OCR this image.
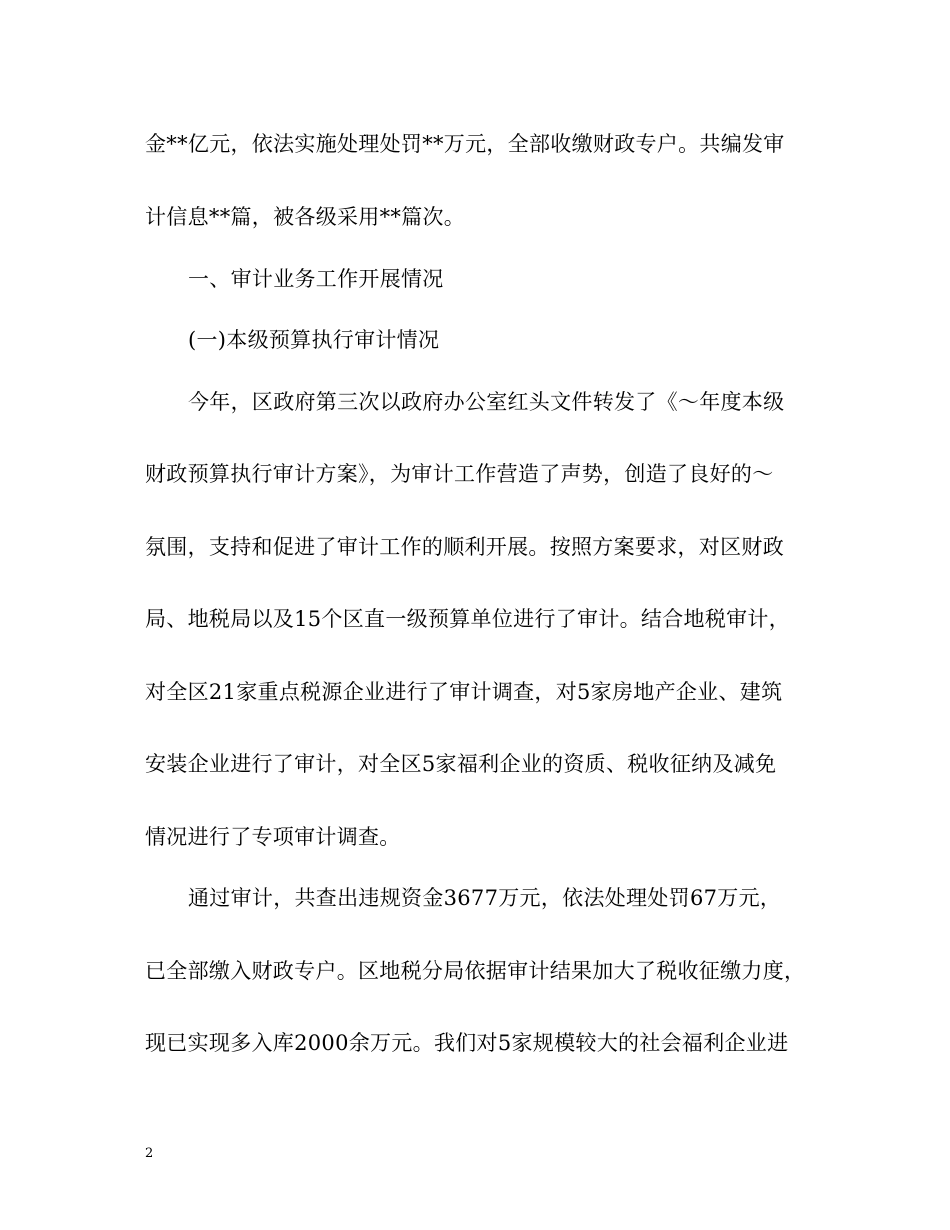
金**亿元，依法实施处理处罚**万元，全部收缴财政专户。共编发审
计信息**篇，被各级采用**篇次。
一、审计业务工作开展情况
(一)本级预算执行审计情况
今年，区政府第三次以政府办公室红头文件转发了《～年度本级
财政预算执行审计方案》，为审计工作营造了声势，创造了良好的～
氛围，支持和促进了审计工作的顺利开展。按照方案要求，对区财政
局、地税局以及15个区直一级预算单位进行了审计。结合地税审计，
对全区21家重点税源企业进行了审计调查，对5家房地产企业、建筑
安装企业进行了审计，对全区5家福利企业的资质、税收征纳及减免
情况进行了专项审计调查。
通过审计，共查出违规资金3677万元，依法处理处罚67万元，
已全部缴入财政专户。区地税分局依据审计结果加大了税收征缴力度，
现已实现多入库2000余万元。我们对5家规模较大的社会福利企业进
2
